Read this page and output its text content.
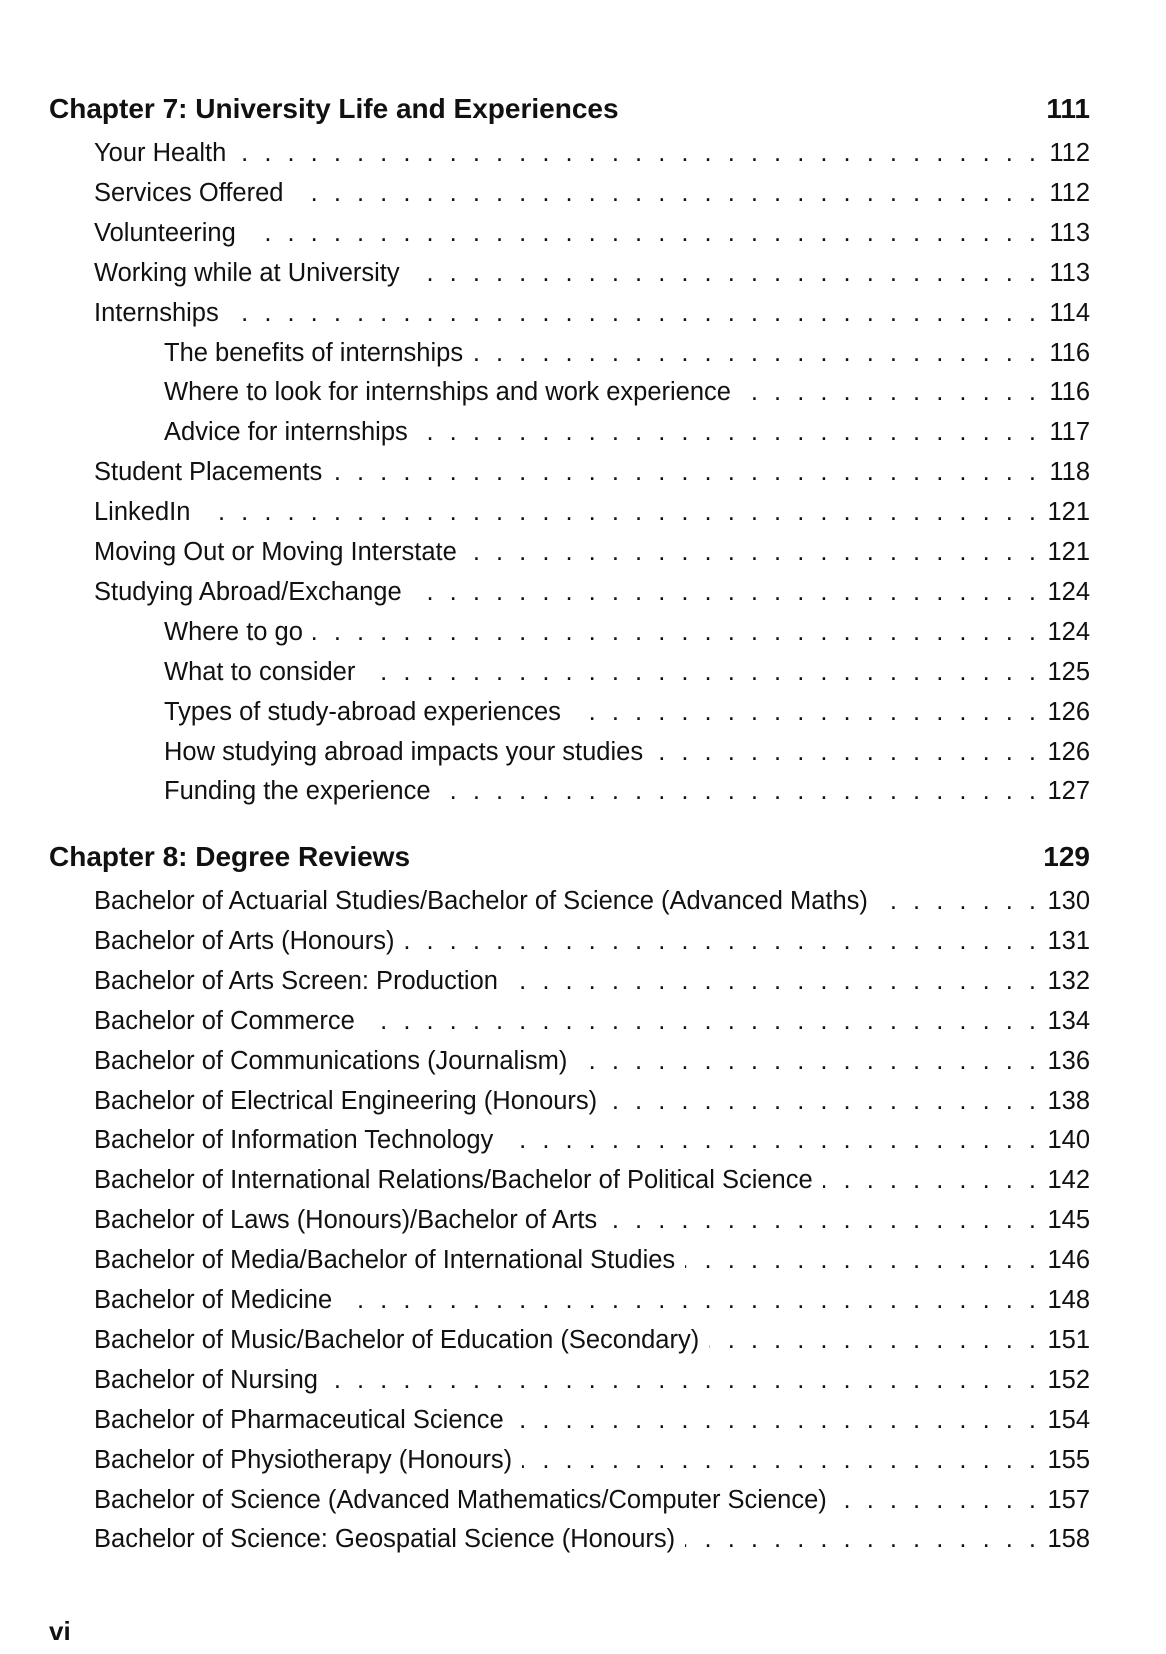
vi
Chapter 7: University Life and Experiences	111
Your Health . . .	112
Services Offered . . .	112
Volunteering . . .	113
Working while at University . . .	113
Internships . . .	114
The benefits of internships . . .	116
Where to look for internships and work experience . . .	116
Advice for internships . . .	117
Student Placements . . .	118
LinkedIn . . .	121
Moving Out or Moving Interstate . . .	121
Studying Abroad/Exchange . . .	124
Where to go . . .	124
What to consider . . .	125
Types of study-abroad experiences . . .	126
How studying abroad impacts your studies . . .	126
Funding the experience . . .	127
Chapter 8: Degree Reviews	129
Bachelor of Actuarial Studies/Bachelor of Science (Advanced Maths) . . .	130
Bachelor of Arts (Honours) . . .	131
Bachelor of Arts Screen: Production . . .	132
Bachelor of Commerce . . .	134
Bachelor of Communications (Journalism) . . .	136
Bachelor of Electrical Engineering (Honours) . . .	138
Bachelor of Information Technology . . .	140
Bachelor of International Relations/Bachelor of Political Science . . .	142
Bachelor of Laws (Honours)/Bachelor of Arts . . .	145
Bachelor of Media/Bachelor of International Studies . . .	146
Bachelor of Medicine . . .	148
Bachelor of Music/Bachelor of Education (Secondary) . . .	151
Bachelor of Nursing . . .	152
Bachelor of Pharmaceutical Science . . .	154
Bachelor of Physiotherapy (Honours) . . .	155
Bachelor of Science (Advanced Mathematics/Computer Science) . . .	157
Bachelor of Science: Geospatial Science (Honours) . . .	158
